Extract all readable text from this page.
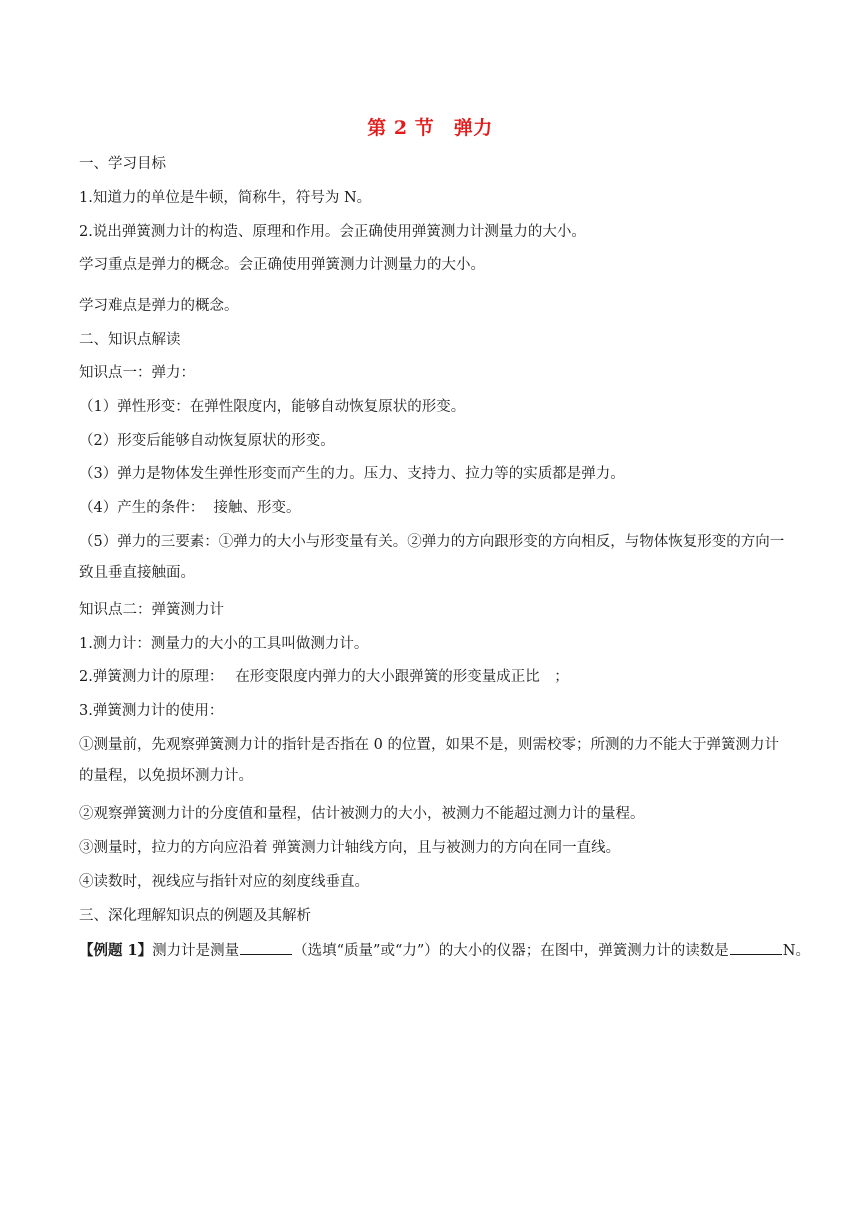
第 2 节　弹力
一、学习目标
1.知道力的单位是牛顿，简称牛，符号为 N。
2.说出弹簧测力计的构造、原理和作用。会正确使用弹簧测力计测量力的大小。
学习重点是弹力的概念。会正确使用弹簧测力计测量力的大小。
学习难点是弹力的概念。
二、知识点解读
知识点一：弹力：
（1）弹性形变：在弹性限度内，能够自动恢复原状的形变。
（2）形变后能够自动恢复原状的形变。
（3）弹力是物体发生弹性形变而产生的力。压力、支持力、拉力等的实质都是弹力。
（4）产生的条件：  接触、形变。
（5）弹力的三要素：①弹力的大小与形变量有关。②弹力的方向跟形变的方向相反，与物体恢复形变的方向一致且垂直接触面。
知识点二：弹簧测力计
1.测力计：测量力的大小的工具叫做测力计。
2.弹簧测力计的原理：　 在形变限度内弹力的大小跟弹簧的形变量成正比　；
3.弹簧测力计的使用：
①测量前，先观察弹簧测力计的指针是否指在 0 的位置，如果不是，则需校零；所测的力不能大于弹簧测力计的量程，以免损坏测力计。
②观察弹簧测力计的分度值和量程，估计被测力的大小，被测力不能超过测力计的量程。
③测量时，拉力的方向应沿着 弹簧测力计轴线方向，且与被测力的方向在同一直线。
④读数时，视线应与指针对应的刻度线垂直。
三、深化理解知识点的例题及其解析
【例题 1】测力计是测量	（选填“质量”或“力”）的大小的仪器；在图中，弹簧测力计的读数是	N。
